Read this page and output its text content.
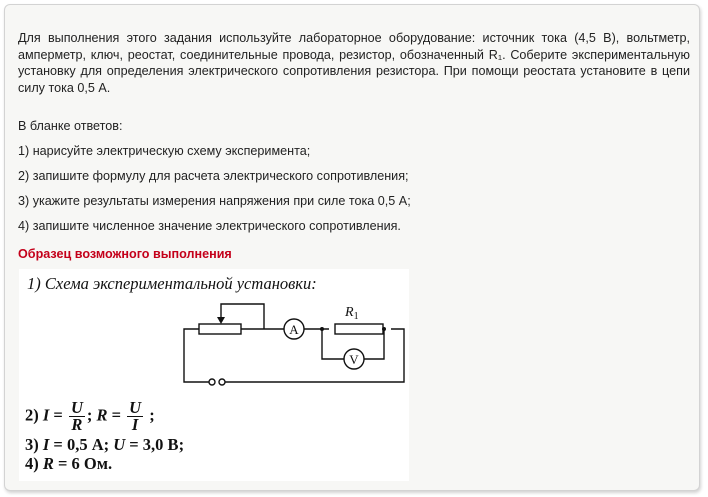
Для выполнения этого задания используйте лабораторное оборудование: источник тока (4,5 В), вольтметр, амперметр, ключ, реостат, соединительные провода, резистор, обозначенный R₁. Соберите экспериментальную установку для определения электрического сопротивления резистора. При помощи реостата установите в цепи силу тока 0,5 А.

В бланке ответов:

1) нарисуйте электрическую схему эксперимента;

2) запишите формулу для расчета электрического сопротивления;

3) укажите результаты измерения напряжения при силе тока 0,5 А;

4) запишите численное значение электрического сопротивления.

Образец возможного выполнения

1) Схема экспериментальной установки:
A
V
$R_1$
2) $I = \frac{U}{R}$ ; $R = \frac{U}{I}$ ;
3) I = 0,5 А; U = 3,0 В;
4) R = 6 Ом.
